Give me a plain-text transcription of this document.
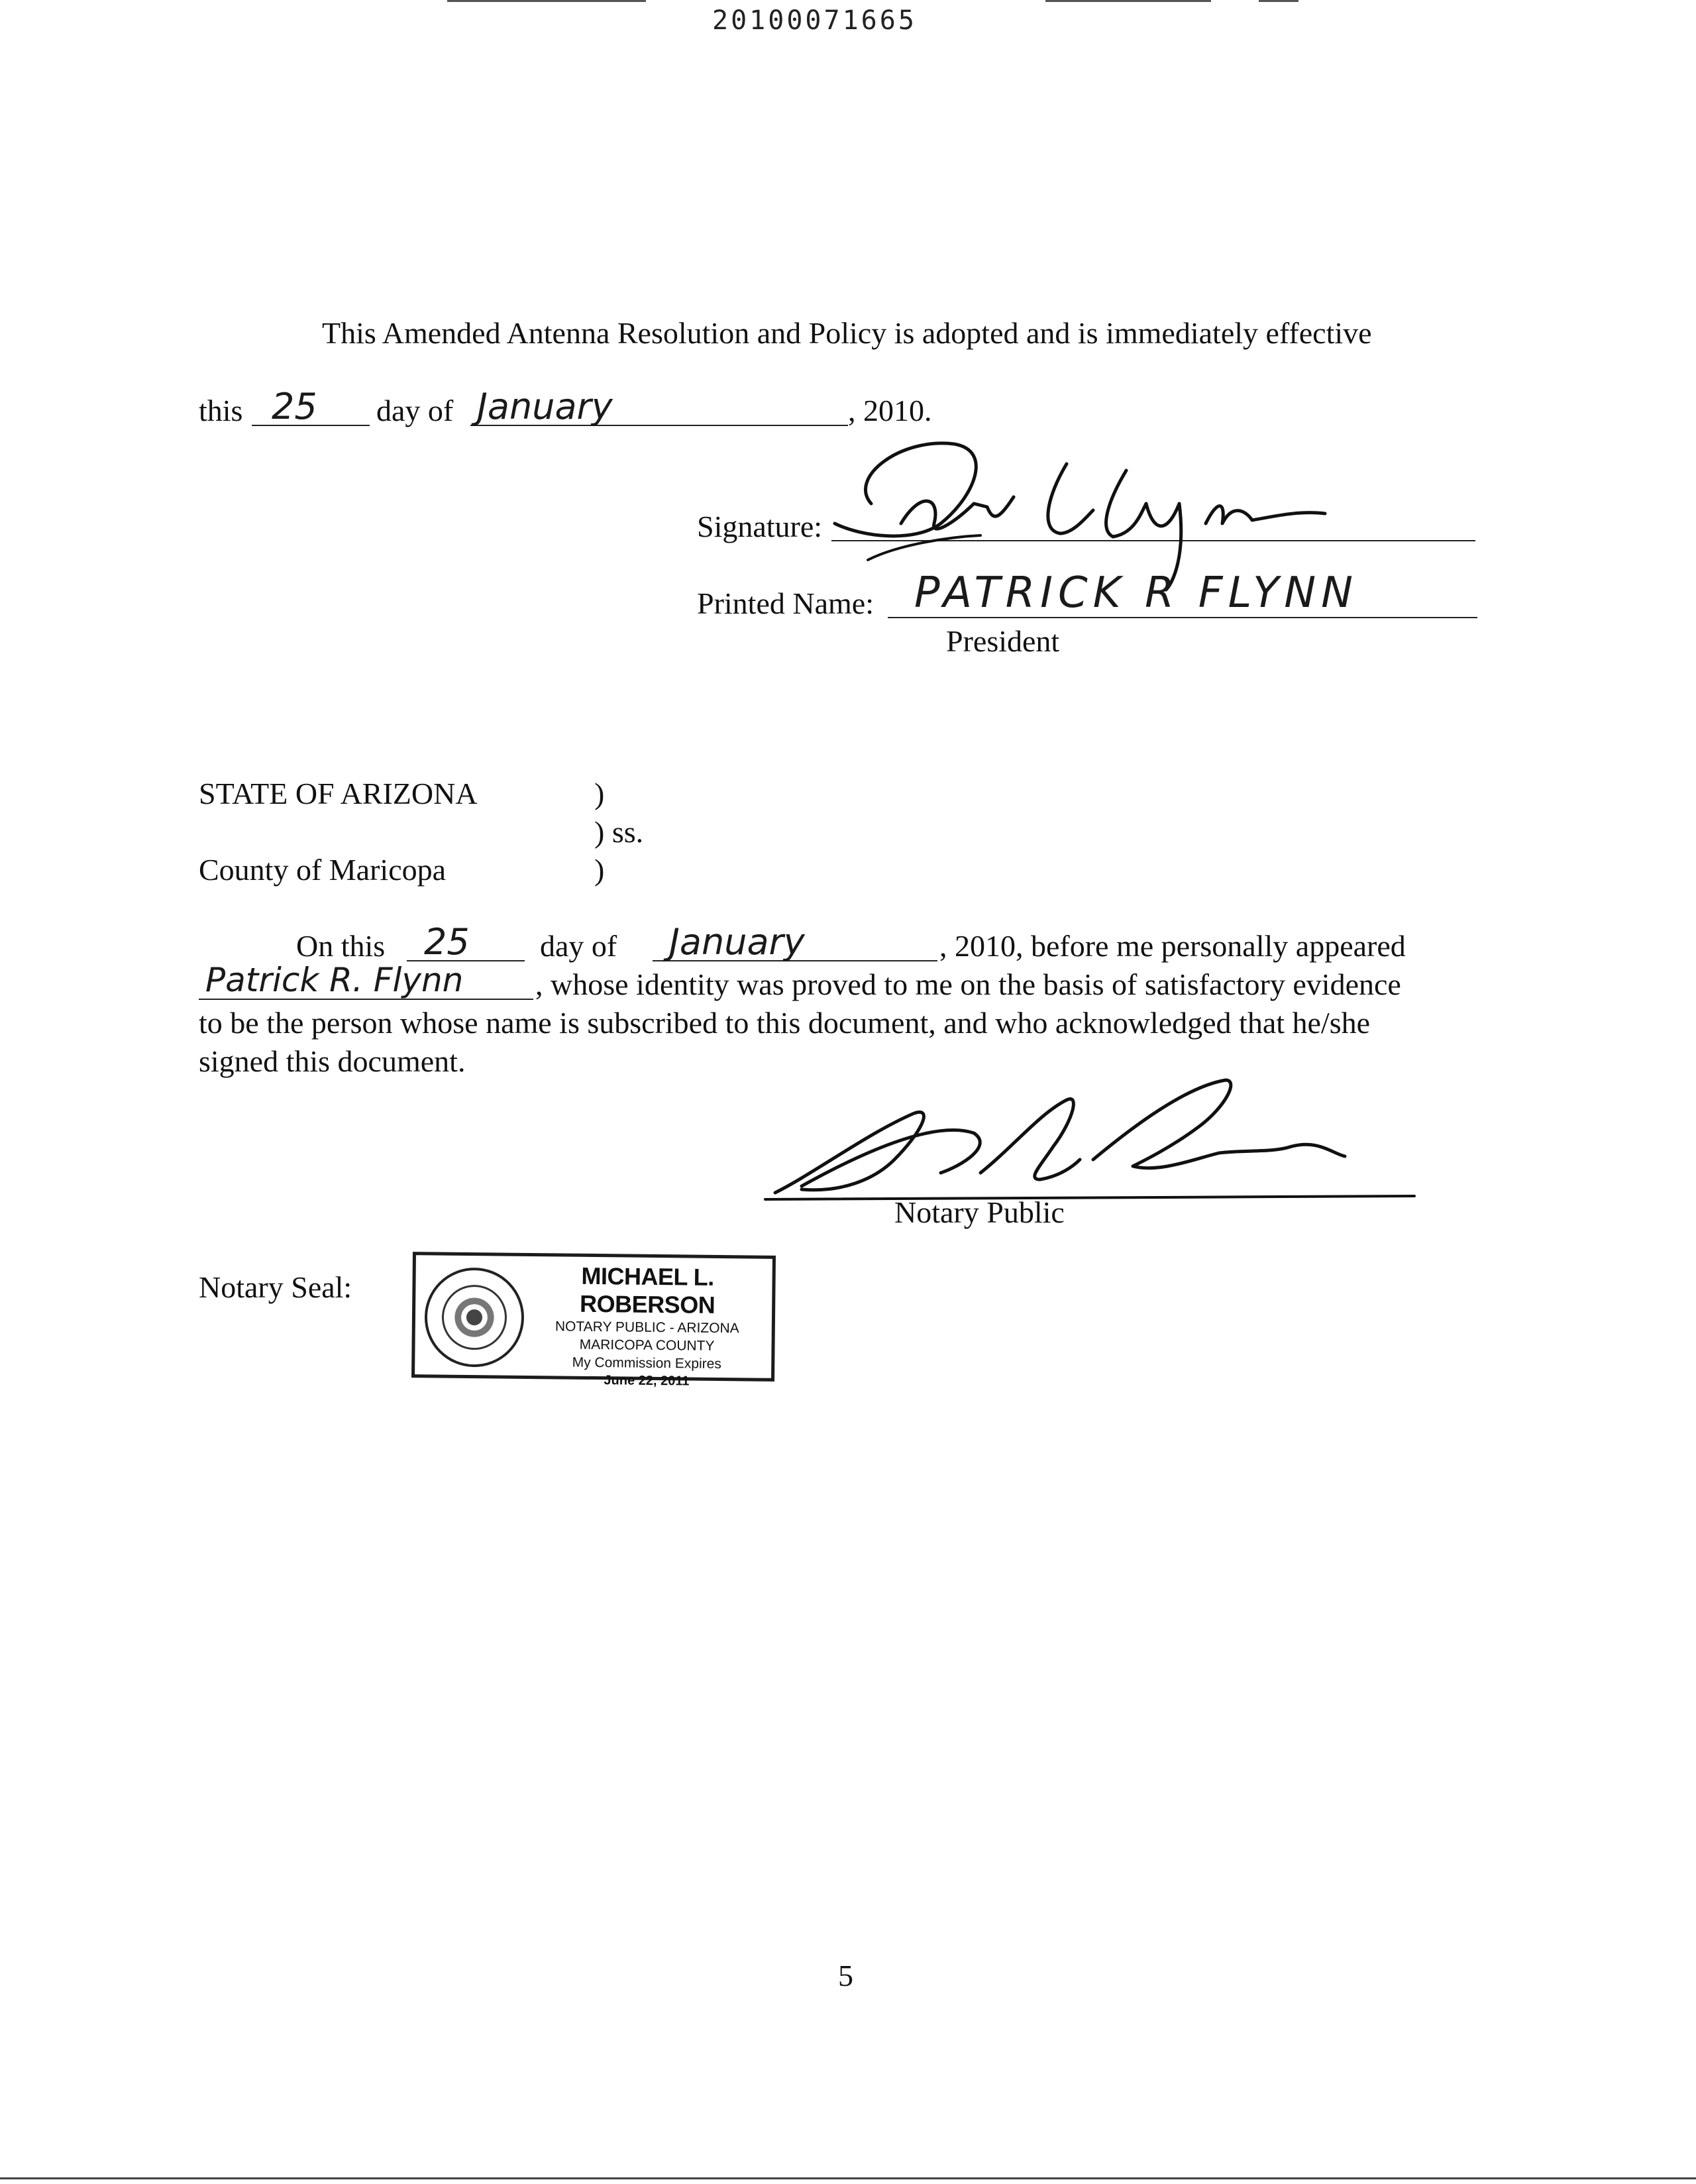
20100071665
This Amended Antenna Resolution and Policy is adopted and is immediately effective
this 25 day of January	, 2010.
Signature:
Printed Name: PATRICK R FLYNN
President
STATE OF ARIZONA	)
) ss.
County of Maricopa	)
On this 25 day of January	, 2010, before me personally appeared
Patrick R. Flynn , whose identity was proved to me on the basis of satisfactory evidence
to be the person whose name is subscribed to this document, and who acknowledged that he/she
signed this document.
Notary Public
Notary Seal:	MICHAEL L. ROBERSON
NOTARY PUBLIC - ARIZONA
MARICOPA COUNTY
My Commission Expires
June 22, 2011
5
